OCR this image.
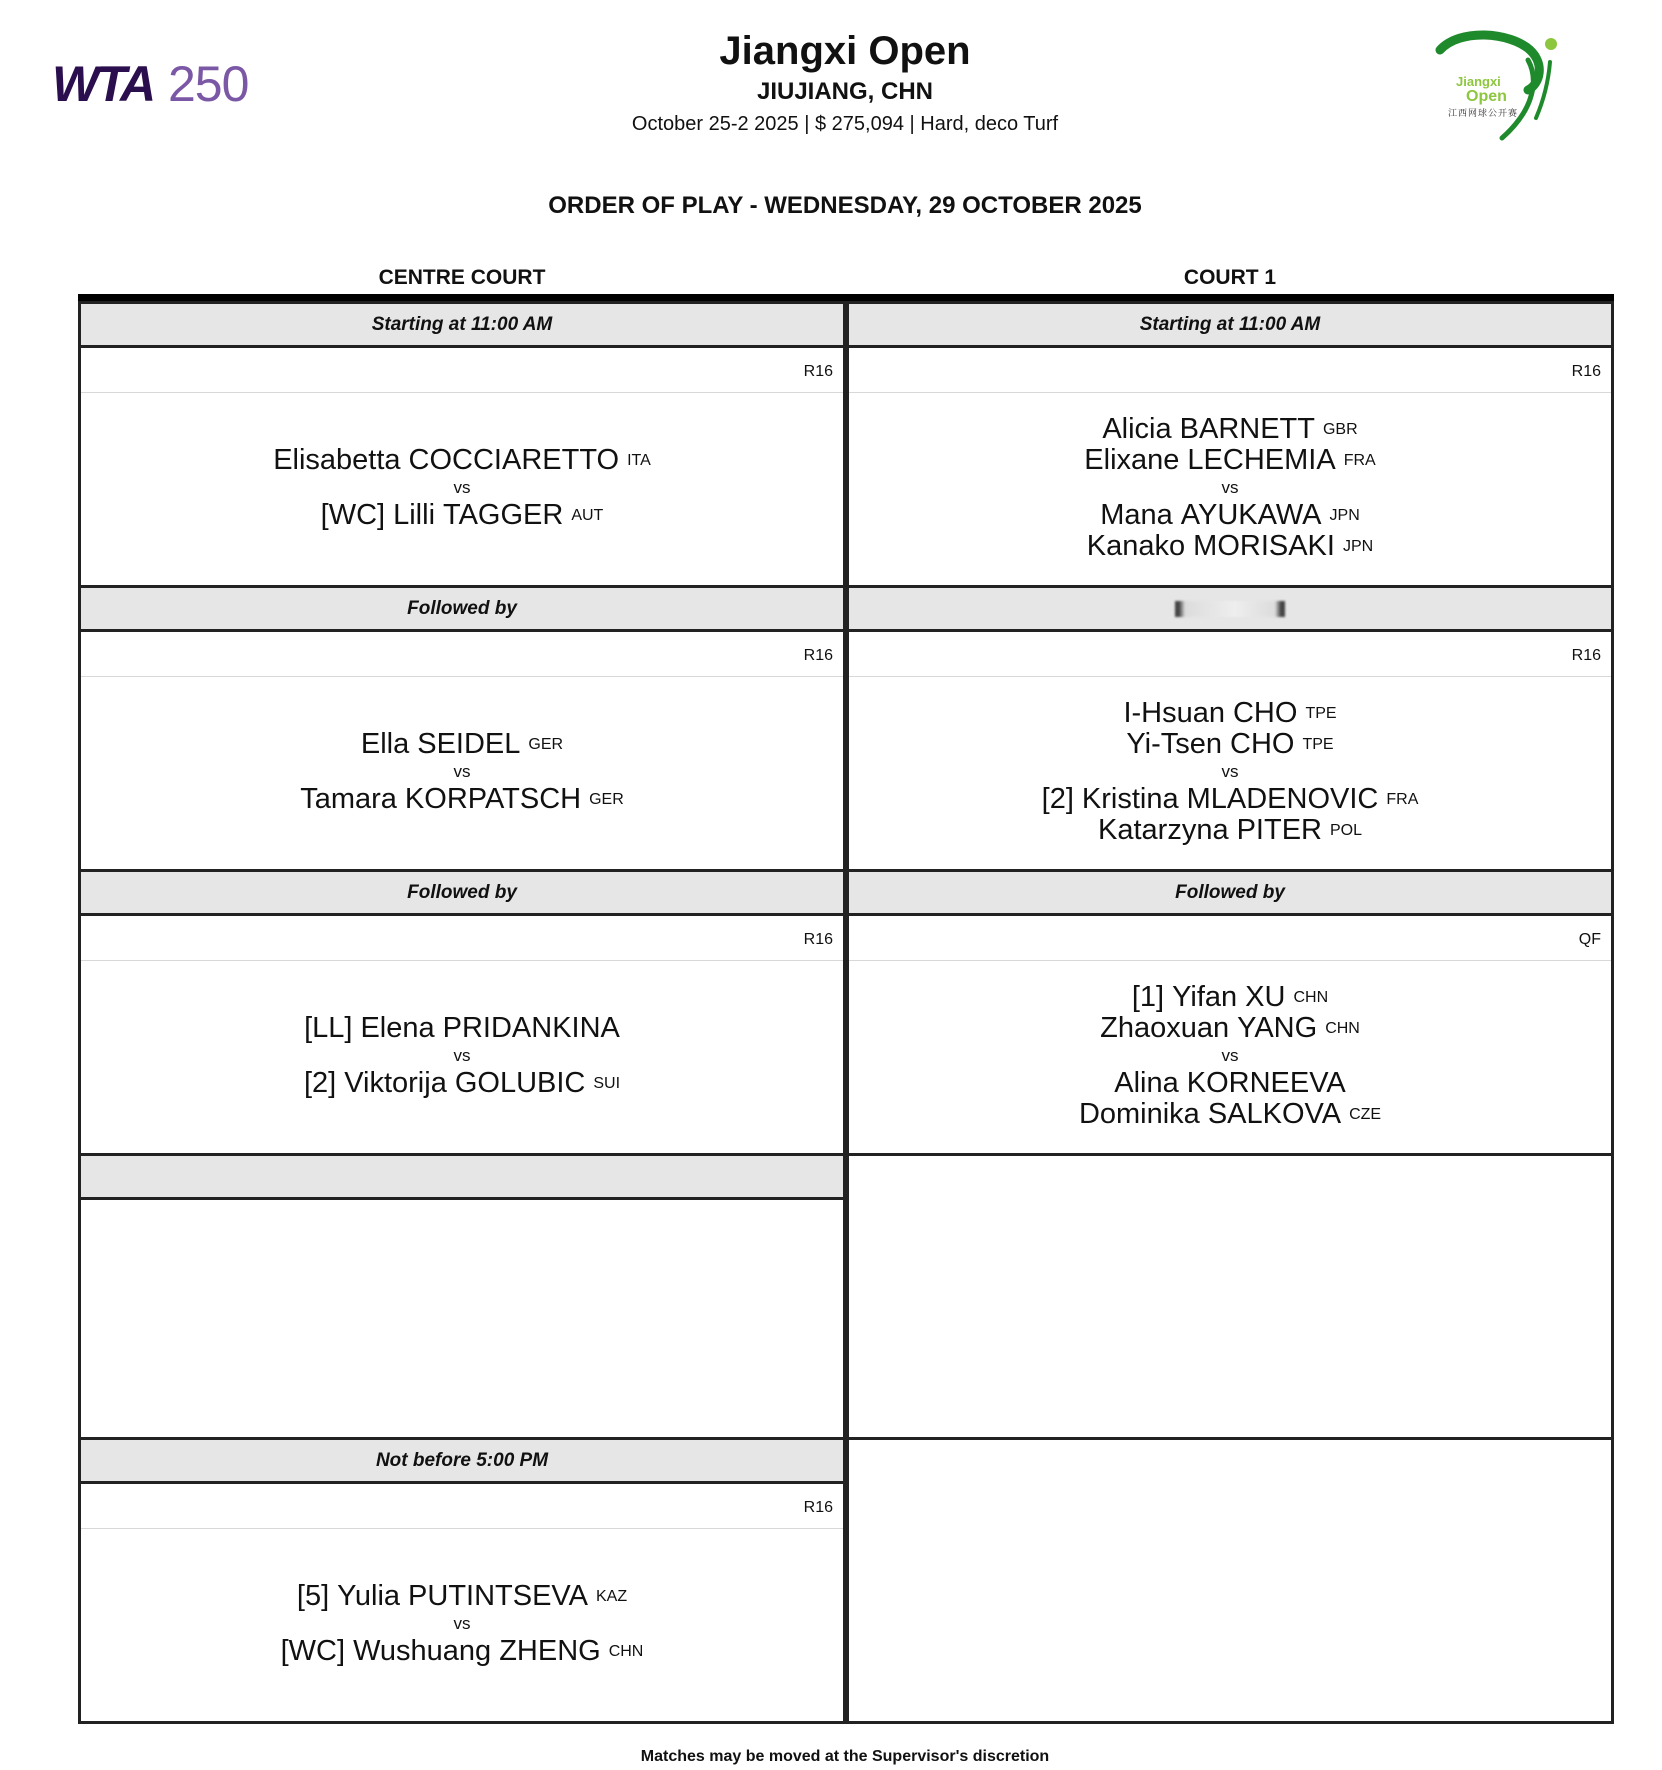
WTA 250
Jiangxi Open
JIUJIANG, CHN
October 25-2 2025 | $ 275,094 | Hard, deco Turf
Jiangxi
Open
江西网球公开赛
ORDER OF PLAY - WEDNESDAY, 29 OCTOBER 2025
CENTRE COURT	COURT 1
Starting at 11:00 AM
R16
Elisabetta COCCIARETTO ITA
vs
[WC] Lilli TAGGER AUT
Followed by
R16
Ella SEIDEL GER
vs
Tamara KORPATSCH GER
Followed by
R16
[LL] Elena PRIDANKINA
vs
[2] Viktorija GOLUBIC SUI
Not before 5:00 PM
R16
[5] Yulia PUTINTSEVA KAZ
vs
[WC] Wushuang ZHENG CHN
Starting at 11:00 AM
R16
Alicia BARNETT GBR
Elixane LECHEMIA FRA
vs
Mana AYUKAWA JPN
Kanako MORISAKI JPN
R16
I-Hsuan CHO TPE
Yi-Tsen CHO TPE
vs
[2] Kristina MLADENOVIC FRA
Katarzyna PITER POL
Followed by
QF
[1] Yifan XU CHN
Zhaoxuan YANG CHN
vs
Alina KORNEEVA
Dominika SALKOVA CZE
Matches may be moved at the Supervisor's discretion
